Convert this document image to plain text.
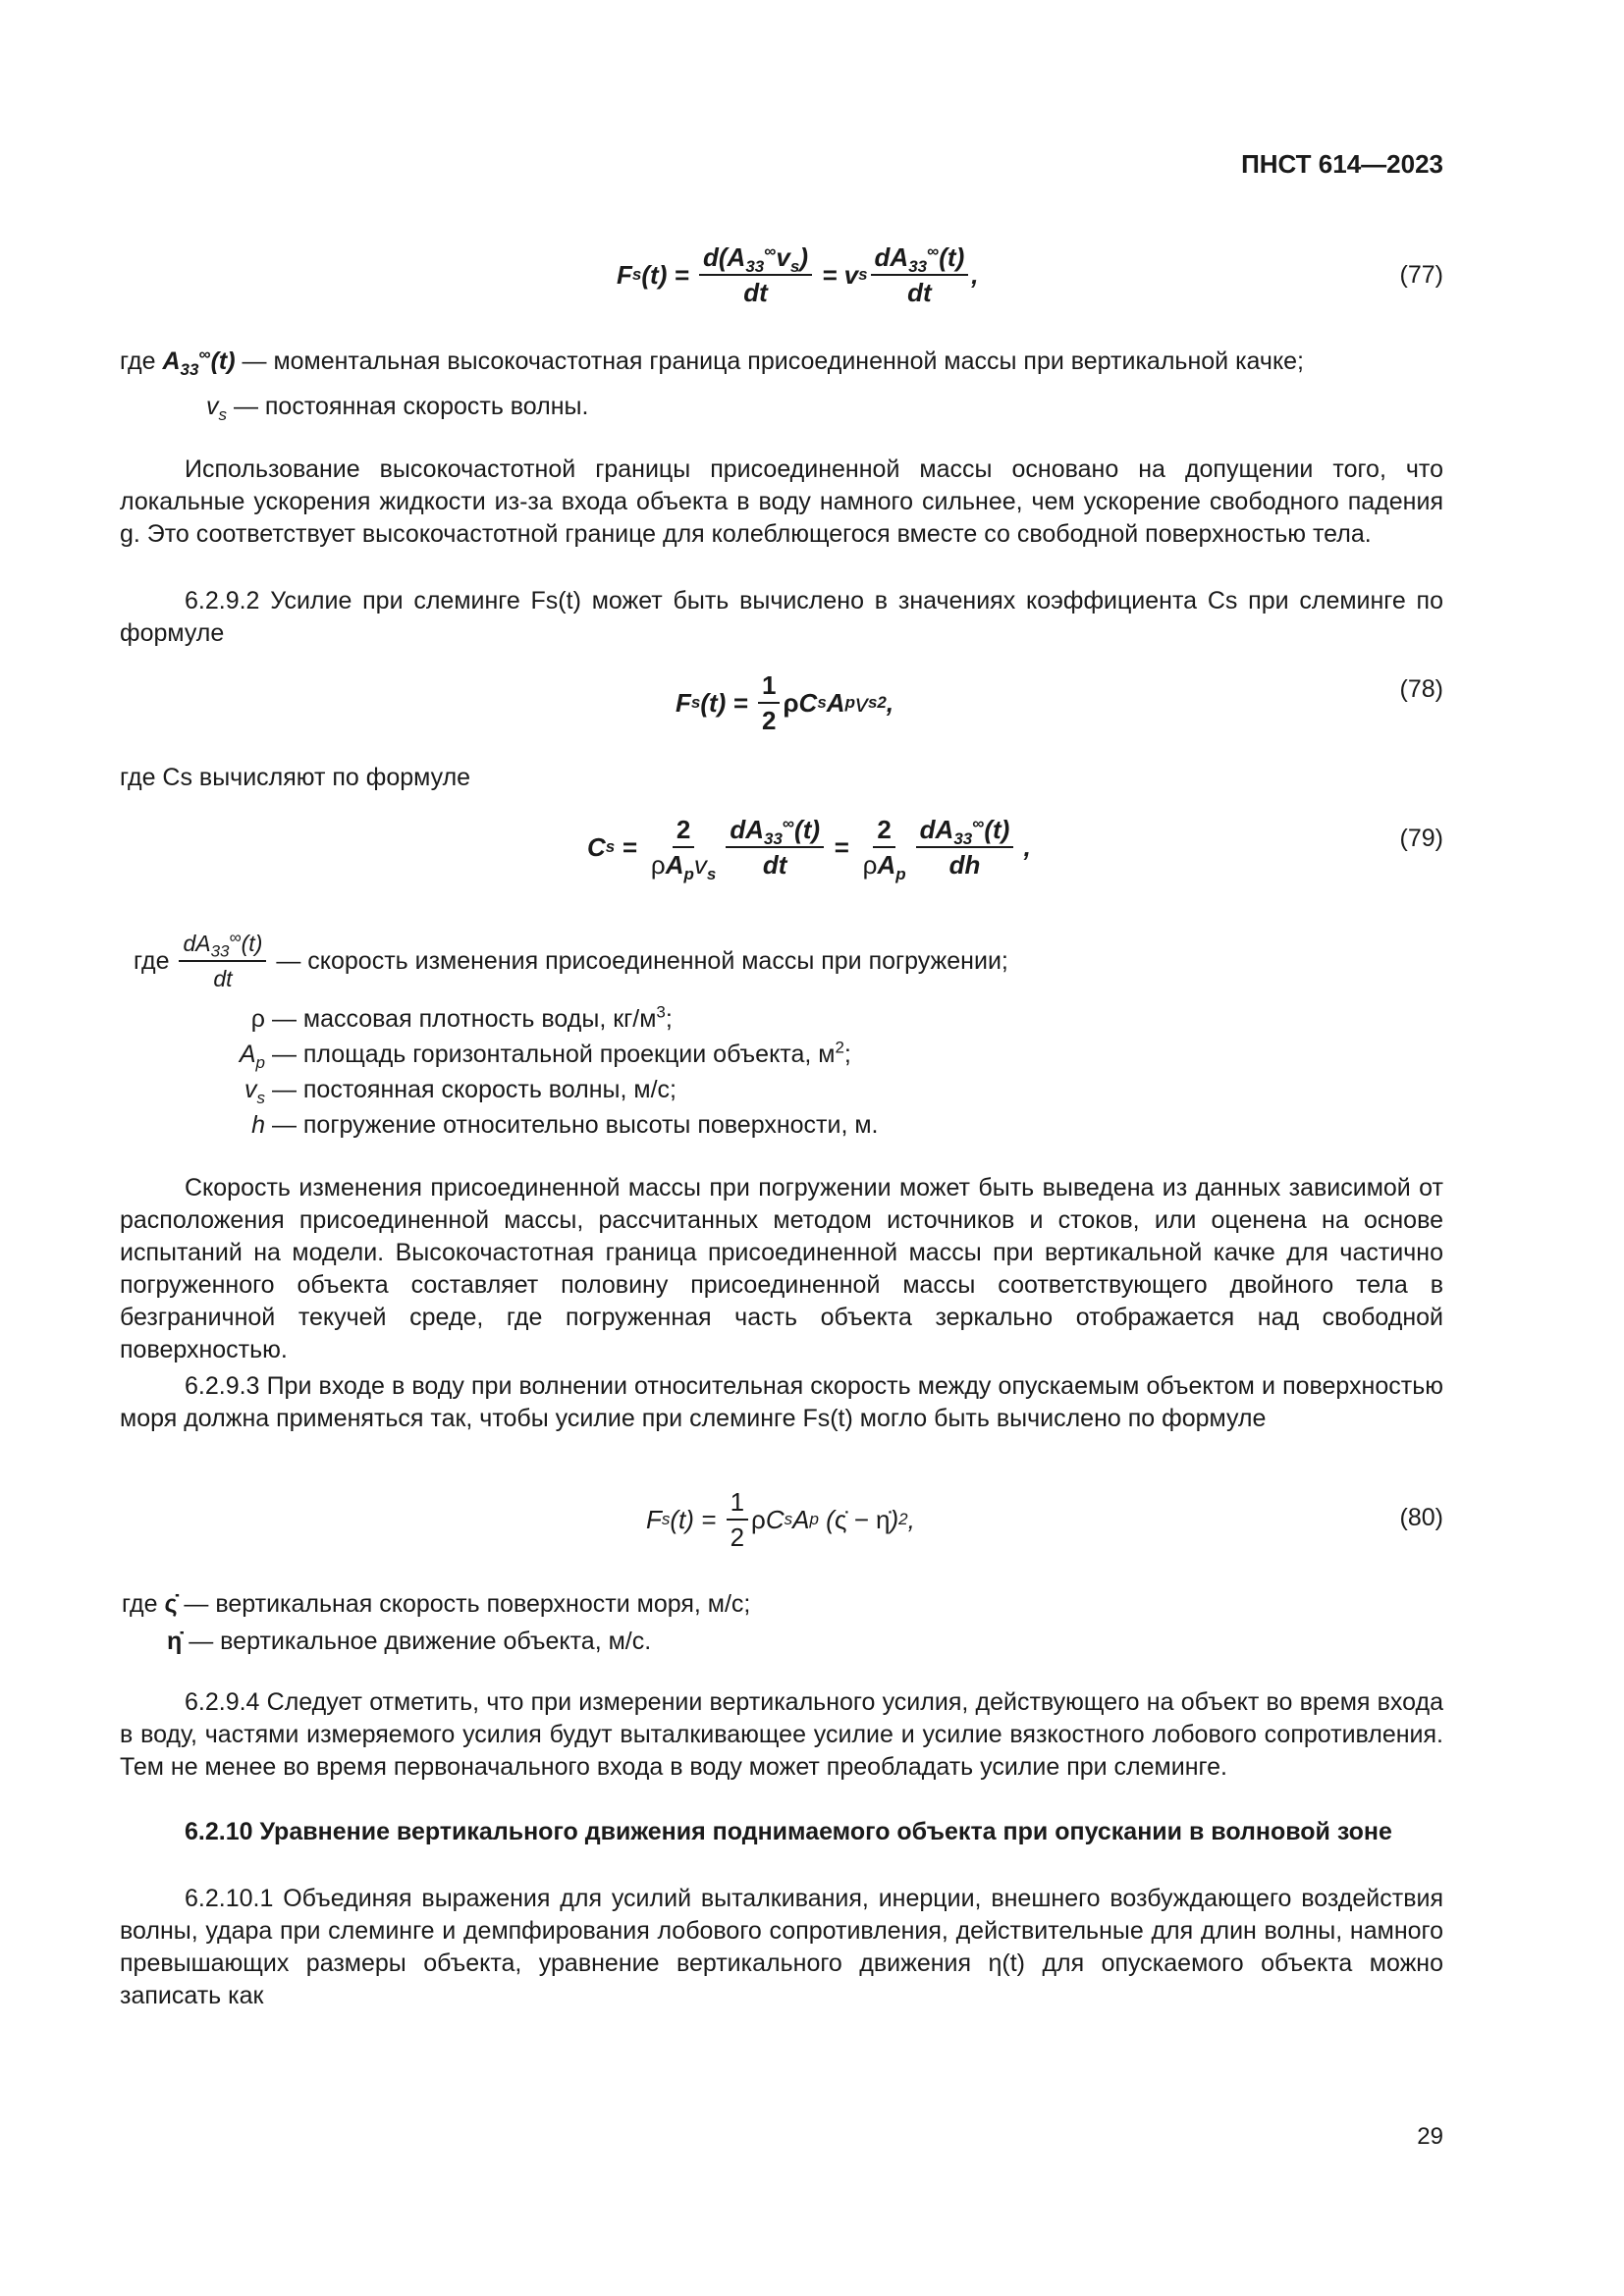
ПНСТ 614—2023
F s ( t ) = $\frac{d(A_{33}^\infty v_s)}{dt} = v$ s $\frac{dA_{33}^\infty(t)}{dt}$ ,	(77)
где $A_{33}^\infty(t)$ — моментальная высокочастотная граница присоединенной массы при вертикальной качке;
$v_s$ — постоянная скорость волны.
Использование высокочастотной границы присоединенной массы основано на допущении того, что локальные ускорения жидкости из-за входа объекта в воду намного сильнее, чем ускорение свободного падения g. Это соответствует высокочастотной границе для колеблющегося вместе со свободной поверхностью тела.
6.2.9.2 Усилие при слеминге Fs(t) может быть вычислено в значениях коэффициента Cs при слеминге по формуле
F s $(t) = \frac{1}{2}$ ρ C s A p v s 2 ,	(78)
где Cs вычисляют по формуле
C $s = \frac{2}{\rho A_pv_s} \frac{dA_{33}^\infty(t)}{dt} = \frac{2}{\rho A_p} \frac{dA_{33}^\infty(t)}{dh}$ ,	(79)
где
$\frac{dA_{33}^\infty(t)}{dt}$
— скорость изменения присоединенной массы при погружении;
ρ — массовая плотность воды, $кг/м^3$;
$A_p$ — площадь горизонтальной проекции объекта, $м^2$;
$v_s$ — постоянная скорость волны, м/с;
h — погружение относительно высоты поверхности, м.
Скорость изменения присоединенной массы при погружении может быть выведена из данных зависимой от расположения присоединенной массы, рассчитанных методом источников и стоков, или оценена на основе испытаний на модели. Высокочастотная граница присоединенной массы при вертикальной качке для частично погруженного объекта составляет половину присоединенной массы соответствующего двойного тела в безграничной текучей среде, где погруженная часть объекта зеркально отображается над свободной поверхностью.
6.2.9.3 При входе в воду при волнении относительная скорость между опускаемым объектом и поверхностью моря должна применяться так, чтобы усилие при слеминге Fs(t) могло быть вычислено по формуле
F s $(t) = \frac{1}{2}$ ρ C s A p ( ς̇ − η̇ ) 2 ,	(80)
где ς̇ — вертикальная скорость поверхности моря, м/с;
η̇ — вертикальное движение объекта, м/с.
6.2.9.4 Следует отметить, что при измерении вертикального усилия, действующего на объект во время входа в воду, частями измеряемого усилия будут выталкивающее усилие и усилие вязкостного лобового сопротивления. Тем не менее во время первоначального входа в воду может преобладать усилие при слеминге.
6.2.10 Уравнение вертикального движения поднимаемого объекта при опускании в волновой зоне
6.2.10.1 Объединяя выражения для усилий выталкивания, инерции, внешнего возбуждающего воздействия волны, удара при слеминге и демпфирования лобового сопротивления, действительные для длин волны, намного превышающих размеры объекта, уравнение вертикального движения η(t) для опускаемого объекта можно записать как
29
